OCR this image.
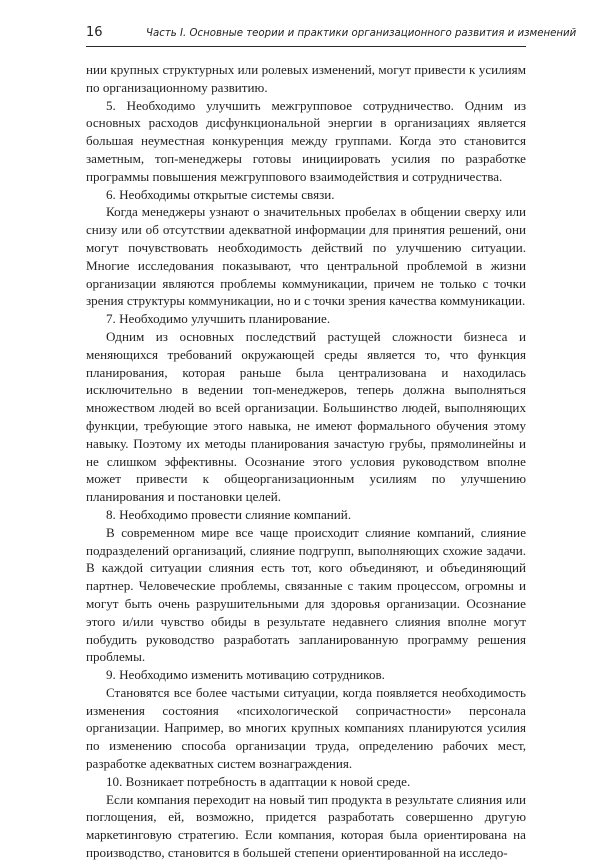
16	Часть I. Основные теории и практики организационного развития и изменений

нии крупных структурных или ролевых изменений, могут привести к усилиям по организационному развитию.

5. Необходимо улучшить межгрупповое сотрудничество. Одним из основных расходов дисфункциональной энергии в организациях является большая неуместная конкуренция между группами. Когда это становится заметным, топ-менеджеры готовы инициировать усилия по разработке программы повышения межгруппового взаимодействия и сотрудничества.

6. Необходимы открытые системы связи.

Когда менеджеры узнают о значительных пробелах в общении сверху или снизу или об отсутствии адекватной информации для принятия решений, они могут почувствовать необходимость действий по улучшению ситуации. Многие исследования показывают, что центральной проблемой в жизни организации являются проблемы коммуникации, причем не только с точки зрения структуры коммуникации, но и с точки зрения качества коммуникации.

7. Необходимо улучшить планирование.

Одним из основных последствий растущей сложности бизнеса и меняющихся требований окружающей среды является то, что функция планирования, которая раньше была централизована и находилась исключительно в ведении топ-менеджеров, теперь должна выполняться множеством людей во всей организации. Большинство людей, выполняющих функции, требующие этого навыка, не имеют формального обучения этому навыку. Поэтому их методы планирования зачастую грубы, прямолинейны и не слишком эффективны. Осознание этого условия руководством вполне может привести к общеорганизационным усилиям по улучшению планирования и постановки целей.

8. Необходимо провести слияние компаний.

В современном мире все чаще происходит слияние компаний, слияние подразделений организаций, слияние подгрупп, выполняющих схожие задачи. В каждой ситуации слияния есть тот, кого объединяют, и объединяющий партнер. Человеческие проблемы, связанные с таким процессом, огромны и могут быть очень разрушительными для здоровья организации. Осознание этого и/или чувство обиды в результате недавнего слияния вполне могут побудить руководство разработать запланированную программу решения проблемы.

9. Необходимо изменить мотивацию сотрудников.

Становятся все более частыми ситуации, когда появляется необходимость изменения состояния «психологической сопричастности» персонала организации. Например, во многих крупных компаниях планируются усилия по изменению способа организации труда, определению рабочих мест, разработке адекватных систем вознаграждения.

10. Возникает потребность в адаптации к новой среде.

Если компания переходит на новый тип продукта в результате слияния или поглощения, ей, возможно, придется разработать совершенно другую маркетинговую стратегию. Если компания, которая была ориентирована на производство, становится в большей степени ориентированной на исследо-
